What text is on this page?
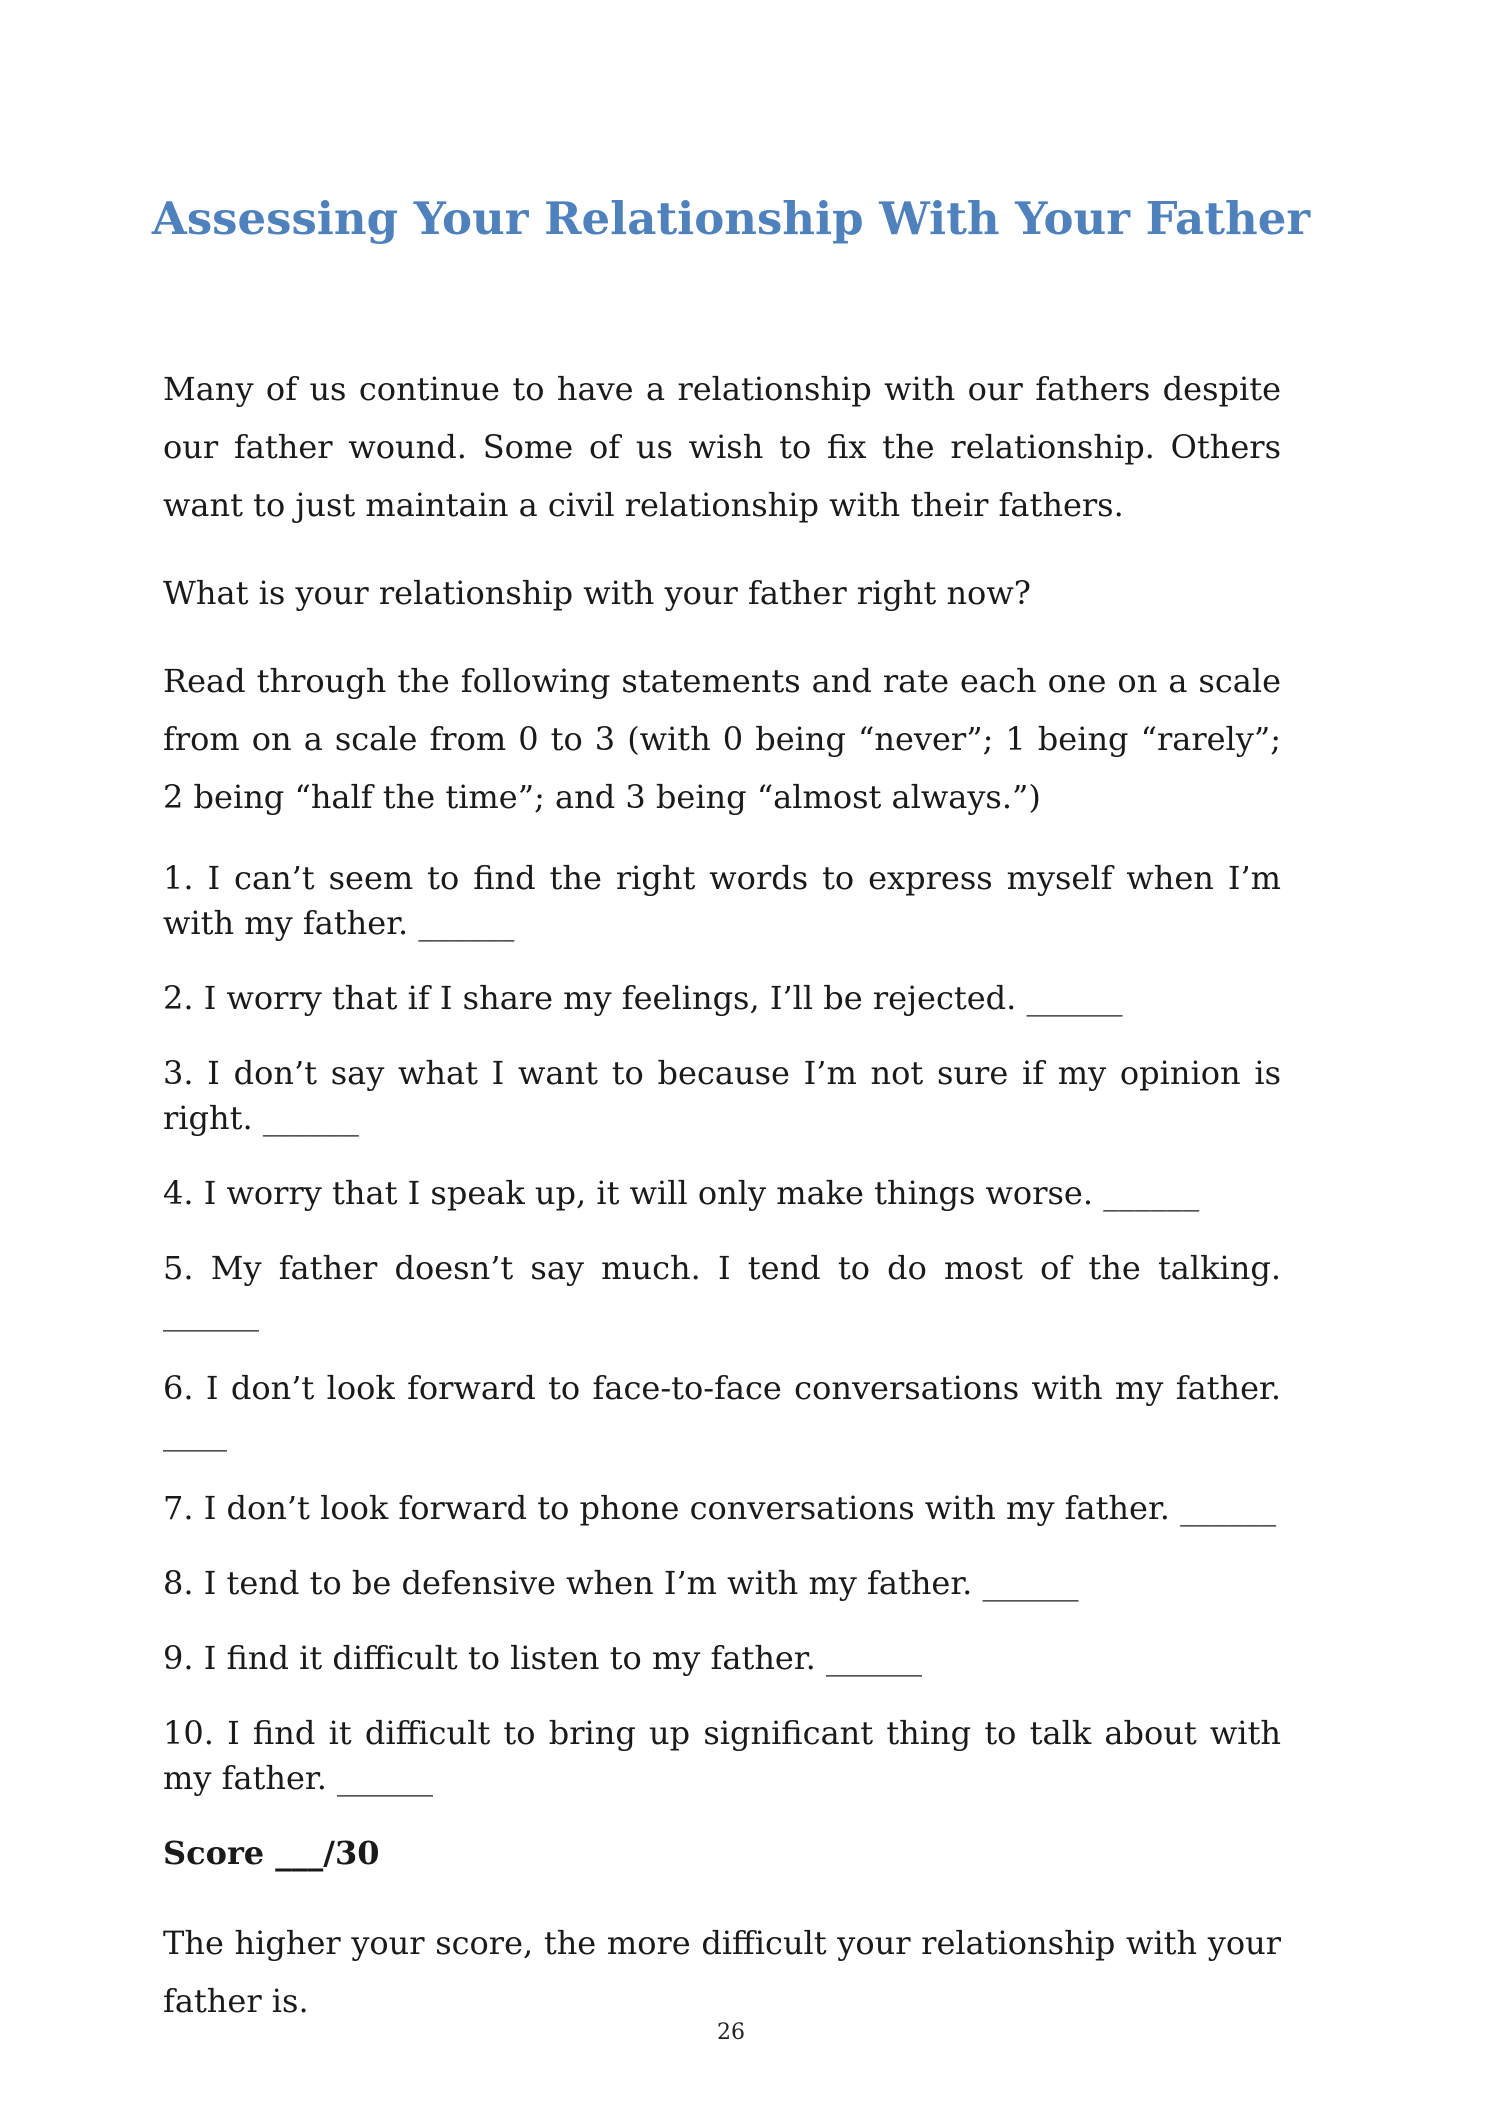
Assessing Your Relationship With Your Father

Many of us continue to have a relationship with our fathers despite our father wound. Some of us wish to fix the relationship. Others want to just maintain a civil relationship with their fathers.

What is your relationship with your father right now?

Read through the following statements and rate each one on a scale from on a scale from 0 to 3 (with 0 being “never”; 1 being “rarely”; 2 being “half the time”; and 3 being “almost always.”)

1. I can’t seem to find the right words to express myself when I’m with my father. ______

2. I worry that if I share my feelings, I’ll be rejected. ______

3. I don’t say what I want to because I’m not sure if my opinion is right. ______

4. I worry that I speak up, it will only make things worse. ______

5. My father doesn’t say much. I tend to do most of the talking. ______

6. I don’t look forward to face-to-face conversations with my father. ____

7. I don’t look forward to phone conversations with my father. ______

8. I tend to be defensive when I’m with my father. ______

9. I find it difficult to listen to my father. ______

10. I find it difficult to bring up significant thing to talk about with my father. ______

Score ___/30

The higher your score, the more difficult your relationship with your father is.

26
